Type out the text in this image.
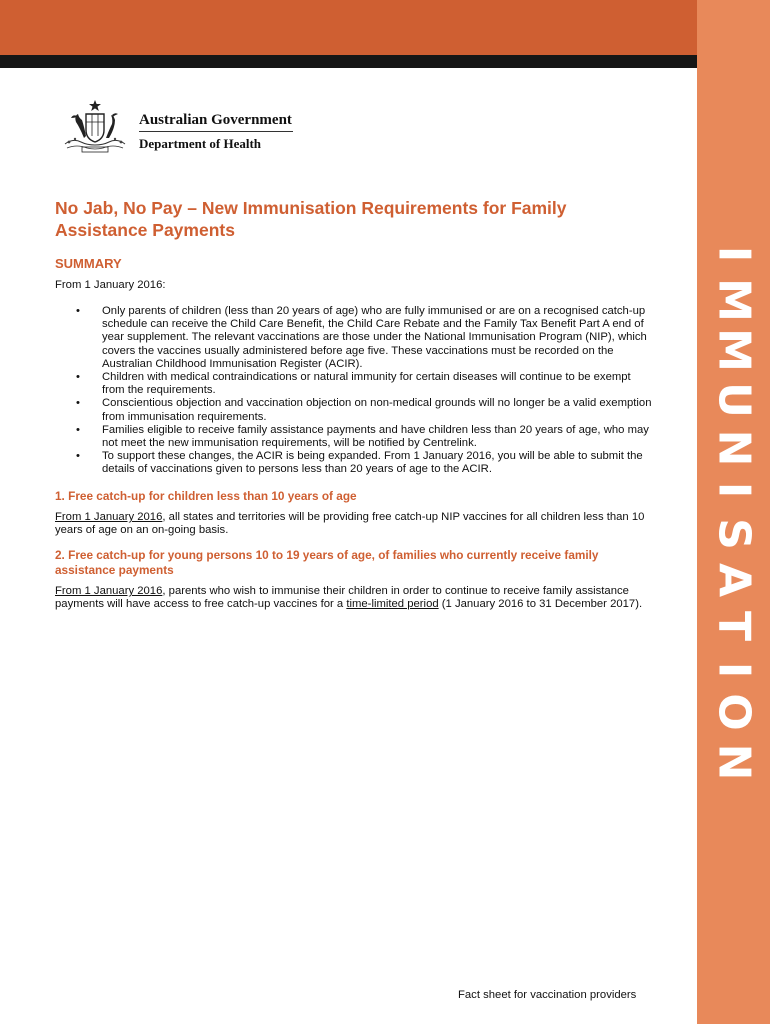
I
M
M
U
N
I
S
A
T
I
O
N
Australian Government
Department of Health
No Jab, No Pay – New Immunisation Requirements for Family Assistance Payments
SUMMARY
From 1 January 2016:
• Only parents of children (less than 20 years of age) who are fully immunised or are on a recognised catch-up schedule can receive the Child Care Benefit, the Child Care Rebate and the Family Tax Benefit Part A end of year supplement. The relevant vaccinations are those under the National Immunisation Program (NIP), which covers the vaccines usually administered before age five. These vaccinations must be recorded on the Australian Childhood Immunisation Register (ACIR).
• Children with medical contraindications or natural immunity for certain diseases will continue to be exempt from the requirements.
• Conscientious objection and vaccination objection on non-medical grounds will no longer be a valid exemption from immunisation requirements.
• Families eligible to receive family assistance payments and have children less than 20 years of age, who may not meet the new immunisation requirements, will be notified by Centrelink.
• To support these changes, the ACIR is being expanded. From 1 January 2016, you will be able to submit the details of vaccinations given to persons less than 20 years of age to the ACIR.
1. Free catch-up for children less than 10 years of age
From 1 January 2016, all states and territories will be providing free catch-up NIP vaccines for all children less than 10 years of age on an on-going basis.
2. Free catch-up for young persons 10 to 19 years of age, of families who currently receive family assistance payments
From 1 January 2016, parents who wish to immunise their children in order to continue to receive family assistance payments will have access to free catch-up vaccines for a time-limited period (1 January 2016 to 31 December 2017).
Fact sheet for vaccination providers
